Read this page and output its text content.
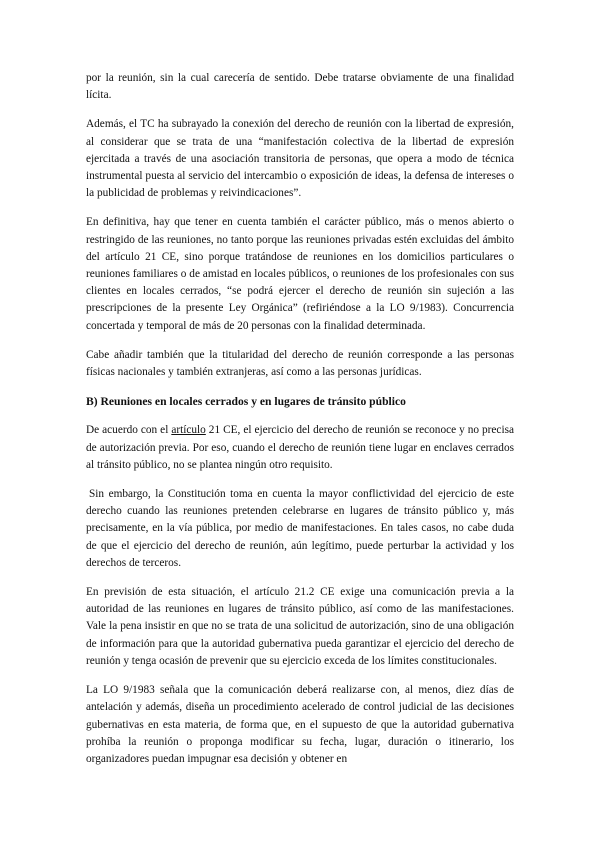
por la reunión, sin la cual carecería de sentido. Debe tratarse obviamente de una finalidad lícita.

Además, el TC ha subrayado la conexión del derecho de reunión con la libertad de expresión, al considerar que se trata de una “manifestación colectiva de la libertad de expresión ejercitada a través de una asociación transitoria de personas, que opera a modo de técnica instrumental puesta al servicio del intercambio o exposición de ideas, la defensa de intereses o la publicidad de problemas y reivindicaciones”.

En definitiva, hay que tener en cuenta también el carácter público, más o menos abierto o restringido de las reuniones, no tanto porque las reuniones privadas estén excluidas del ámbito del artículo 21 CE, sino porque tratándose de reuniones en los domicilios particulares o reuniones familiares o de amistad en locales públicos, o reuniones de los profesionales con sus clientes en locales cerrados, “se podrá ejercer el derecho de reunión sin sujeción a las prescripciones de la presente Ley Orgánica” (refiriéndose a la LO 9/1983). Concurrencia concertada y temporal de más de 20 personas con la finalidad determinada.

Cabe añadir también que la titularidad del derecho de reunión corresponde a las personas físicas nacionales y también extranjeras, así como a las personas jurídicas.

B) Reuniones en locales cerrados y en lugares de tránsito público

De acuerdo con el artículo 21 CE, el ejercicio del derecho de reunión se reconoce y no precisa de autorización previa. Por eso, cuando el derecho de reunión tiene lugar en enclaves cerrados al tránsito público, no se plantea ningún otro requisito.

Sin embargo, la Constitución toma en cuenta la mayor conflictividad del ejercicio de este derecho cuando las reuniones pretenden celebrarse en lugares de tránsito público y, más precisamente, en la vía pública, por medio de manifestaciones. En tales casos, no cabe duda de que el ejercicio del derecho de reunión, aún legítimo, puede perturbar la actividad y los derechos de terceros.

En previsión de esta situación, el artículo 21.2 CE exige una comunicación previa a la autoridad de las reuniones en lugares de tránsito público, así como de las manifestaciones. Vale la pena insistir en que no se trata de una solicitud de autorización, sino de una obligación de información para que la autoridad gubernativa pueda garantizar el ejercicio del derecho de reunión y tenga ocasión de prevenir que su ejercicio exceda de los límites constitucionales.

La LO 9/1983 señala que la comunicación deberá realizarse con, al menos, diez días de antelación y además, diseña un procedimiento acelerado de control judicial de las decisiones gubernativas en esta materia, de forma que, en el supuesto de que la autoridad gubernativa prohíba la reunión o proponga modificar su fecha, lugar, duración o itinerario, los organizadores puedan impugnar esa decisión y obtener en
